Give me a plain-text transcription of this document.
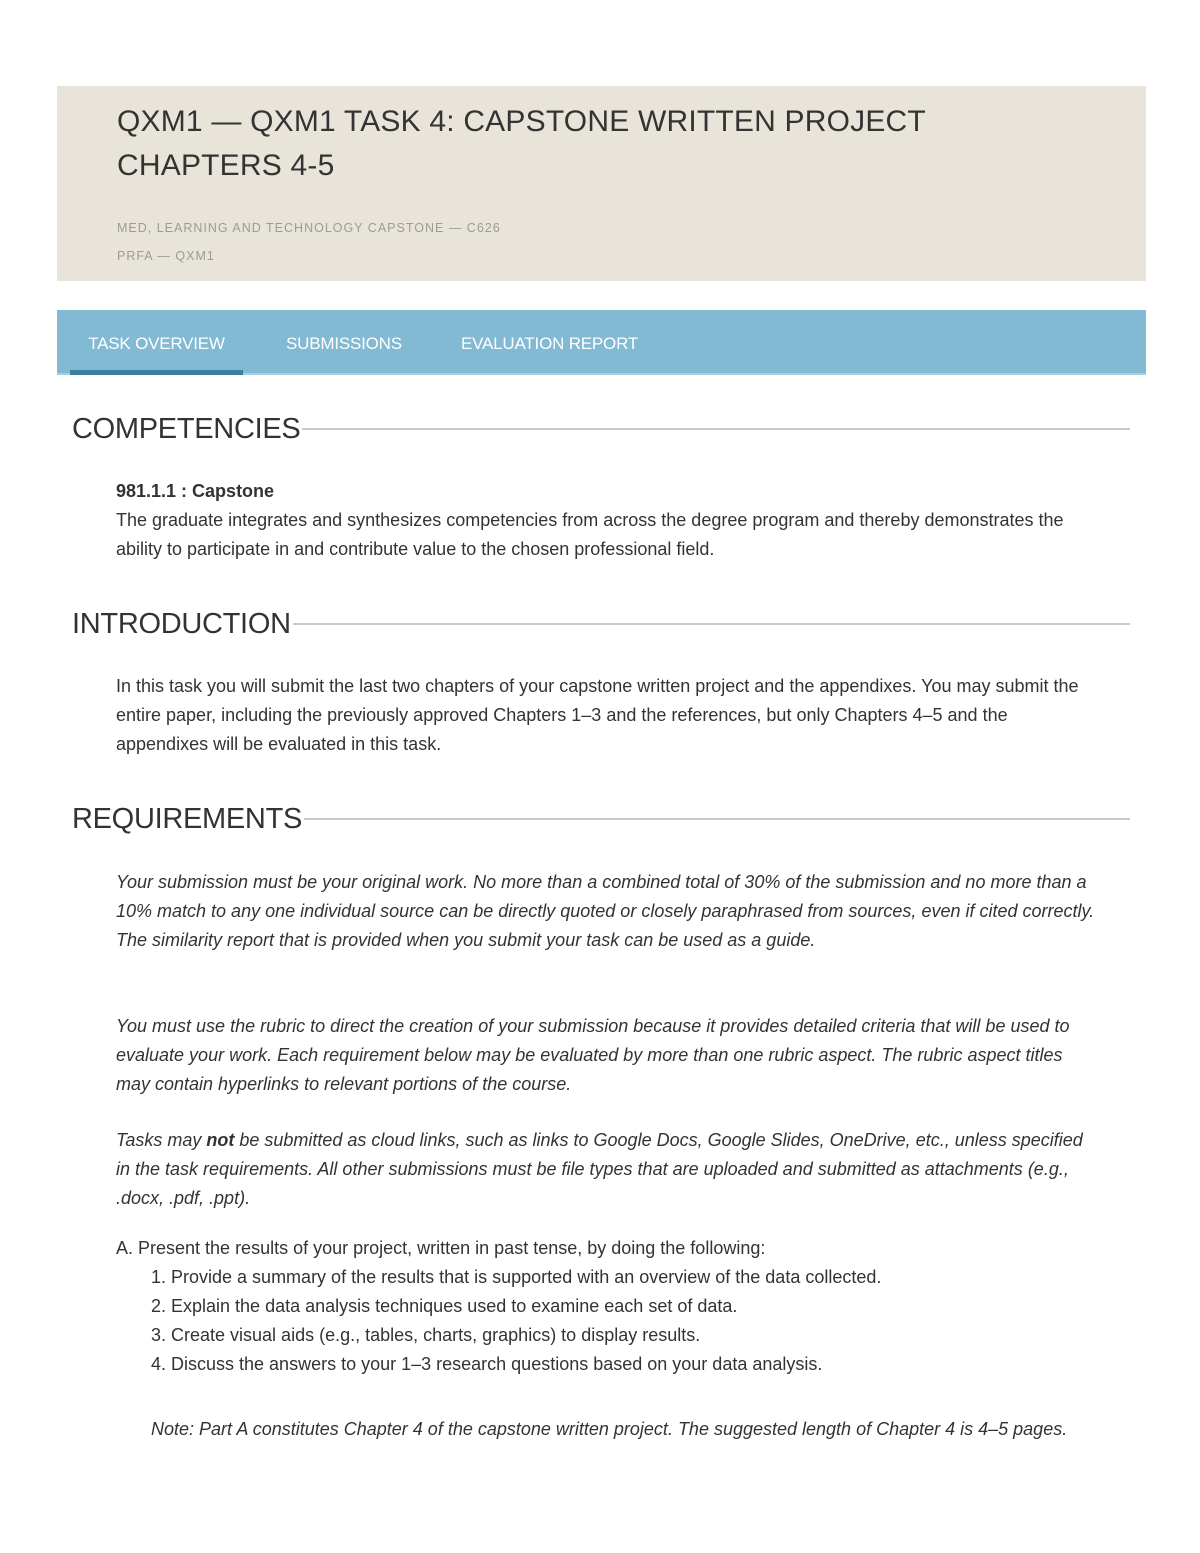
QXM1 — QXM1 TASK 4: CAPSTONE WRITTEN PROJECT CHAPTERS 4-5
MED, LEARNING AND TECHNOLOGY CAPSTONE — C626
PRFA — QXM1
TASK OVERVIEW	SUBMISSIONS	EVALUATION REPORT
COMPETENCIES
981.1.1 : Capstone

The graduate integrates and synthesizes competencies from across the degree program and thereby demonstrates the ability to participate in and contribute value to the chosen professional field.

INTRODUCTION

In this task you will submit the last two chapters of your capstone written project and the appendixes. You may submit the entire paper, including the previously approved Chapters 1–3 and the references, but only Chapters 4–5 and the appendixes will be evaluated in this task.

REQUIREMENTS

Your submission must be your original work. No more than a combined total of 30% of the submission and no more than a 10% match to any one individual source can be directly quoted or closely paraphrased from sources, even if cited correctly. The similarity report that is provided when you submit your task can be used as a guide.

You must use the rubric to direct the creation of your submission because it provides detailed criteria that will be used to evaluate your work. Each requirement below may be evaluated by more than one rubric aspect. The rubric aspect titles may contain hyperlinks to relevant portions of the course.

Tasks may not be submitted as cloud links, such as links to Google Docs, Google Slides, OneDrive, etc., unless specified in the task requirements. All other submissions must be file types that are uploaded and submitted as attachments (e.g., .docx, .pdf, .ppt).

A. Present the results of your project, written in past tense, by doing the following:
1. Provide a summary of the results that is supported with an overview of the data collected.
2. Explain the data analysis techniques used to examine each set of data.
3. Create visual aids (e.g., tables, charts, graphics) to display results.
4. Discuss the answers to your 1–3 research questions based on your data analysis.
Note: Part A constitutes Chapter 4 of the capstone written project. The suggested length of Chapter 4 is 4–5 pages.
